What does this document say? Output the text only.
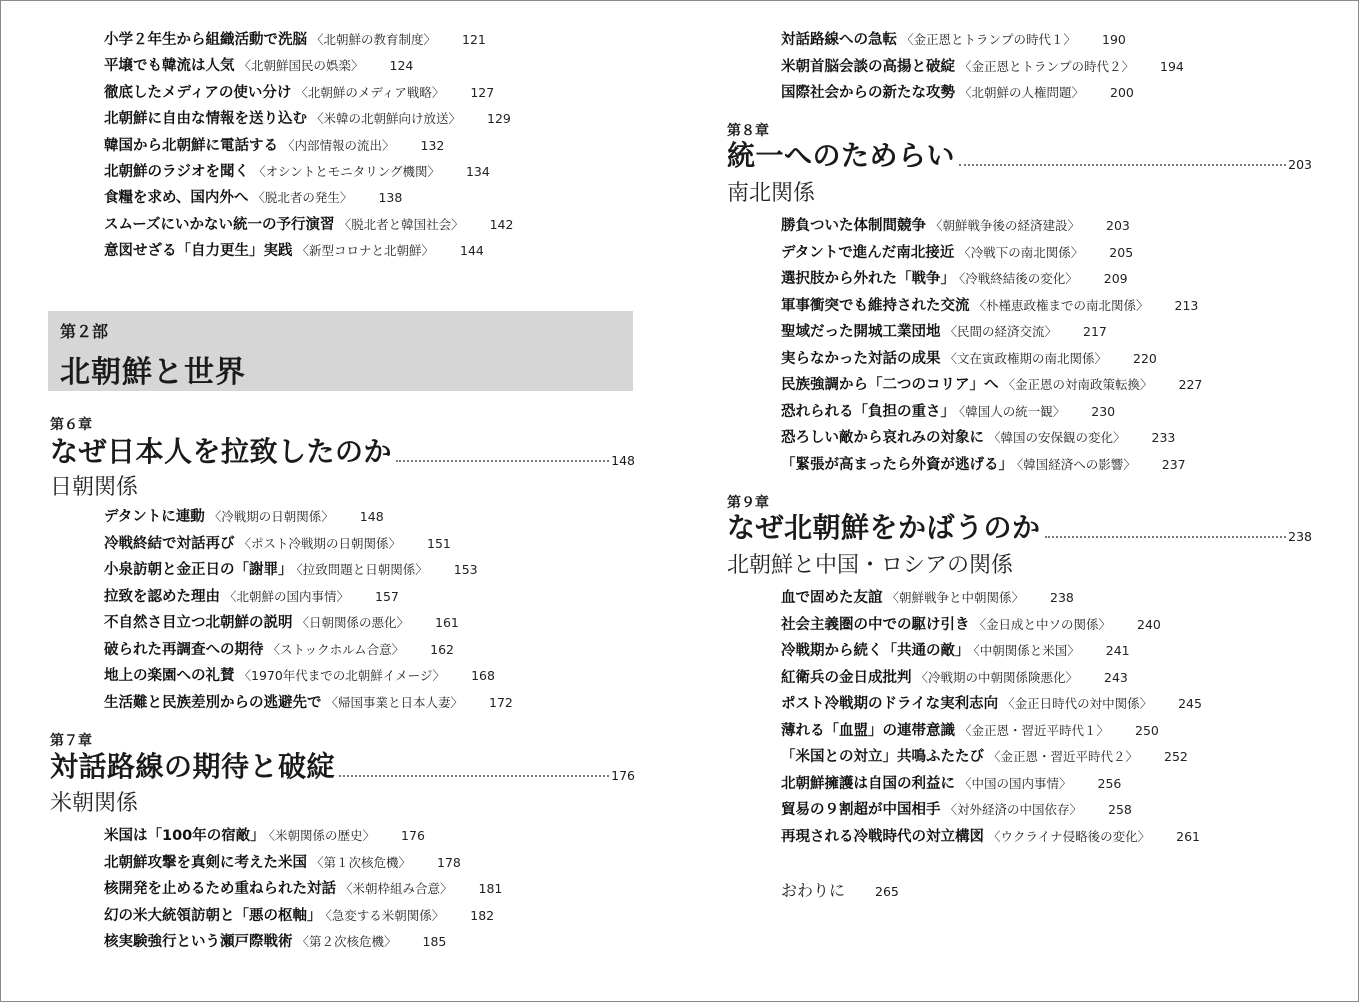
小学２年生から組織活動で洗脳 〈北朝鮮の教育制度〉 121
平壌でも韓流は人気 〈北朝鮮国民の娯楽〉 124
徹底したメディアの使い分け 〈北朝鮮のメディア戦略〉 127
北朝鮮に自由な情報を送り込む 〈米韓の北朝鮮向け放送〉 129
韓国から北朝鮮に電話する 〈内部情報の流出〉 132
北朝鮮のラジオを聞く 〈オシントとモニタリング機関〉 134
食糧を求め、国内外へ 〈脱北者の発生〉 138
スムーズにいかない統一の予行演習 〈脱北者と韓国社会〉 142
意図せざる「自力更生」実践 〈新型コロナと北朝鮮〉 144
第２部
北朝鮮と世界
第６章
なぜ日本人を拉致したのか	148
日朝関係
デタントに連動 〈冷戦期の日朝関係〉 148
冷戦終結で対話再び 〈ポスト冷戦期の日朝関係〉 151
小泉訪朝と金正日の「謝罪」 〈拉致問題と日朝関係〉 153
拉致を認めた理由 〈北朝鮮の国内事情〉 157
不自然さ目立つ北朝鮮の説明 〈日朝関係の悪化〉 161
破られた再調査への期待 〈ストックホルム合意〉 162
地上の楽園への礼賛 〈1970年代までの北朝鮮イメージ〉 168
生活難と民族差別からの逃避先で 〈帰国事業と日本人妻〉 172
第７章
対話路線の期待と破綻	176
米朝関係
米国は「100年の宿敵」 〈米朝関係の歴史〉 176
北朝鮮攻撃を真剣に考えた米国 〈第１次核危機〉 178
核開発を止めるため重ねられた対話 〈米朝枠組み合意〉 181
幻の米大統領訪朝と「悪の枢軸」 〈急変する米朝関係〉 182
核実験強行という瀬戸際戦術 〈第２次核危機〉 185
対話路線への急転 〈金正恩とトランプの時代１〉 190
米朝首脳会談の高揚と破綻 〈金正恩とトランプの時代２〉 194
国際社会からの新たな攻勢 〈北朝鮮の人権問題〉 200
第８章
統一へのためらい	203
南北関係
勝負ついた体制間競争 〈朝鮮戦争後の経済建設〉 203
デタントで進んだ南北接近 〈冷戦下の南北関係〉 205
選択肢から外れた「戦争」 〈冷戦終結後の変化〉 209
軍事衝突でも維持された交流 〈朴槿恵政権までの南北関係〉 213
聖域だった開城工業団地 〈民間の経済交流〉 217
実らなかった対話の成果 〈文在寅政権期の南北関係〉 220
民族強調から「二つのコリア」へ 〈金正恩の対南政策転換〉 227
恐れられる「負担の重さ」 〈韓国人の統一観〉 230
恐ろしい敵から哀れみの対象に 〈韓国の安保観の変化〉 233
「緊張が高まったら外資が逃げる」 〈韓国経済への影響〉 237
第９章
なぜ北朝鮮をかばうのか	238
北朝鮮と中国・ロシアの関係
血で固めた友誼 〈朝鮮戦争と中朝関係〉 238
社会主義圏の中での駆け引き 〈金日成と中ソの関係〉 240
冷戦期から続く「共通の敵」 〈中朝関係と米国〉 241
紅衛兵の金日成批判 〈冷戦期の中朝関係険悪化〉 243
ポスト冷戦期のドライな実利志向 〈金正日時代の対中関係〉 245
薄れる「血盟」の連帯意識 〈金正恩・習近平時代１〉 250
「米国との対立」共鳴ふたたび 〈金正恩・習近平時代２〉 252
北朝鮮擁護は自国の利益に 〈中国の国内事情〉 256
貿易の９割超が中国相手 〈対外経済の中国依存〉 258
再現される冷戦時代の対立構図 〈ウクライナ侵略後の変化〉 261
おわりに 265
